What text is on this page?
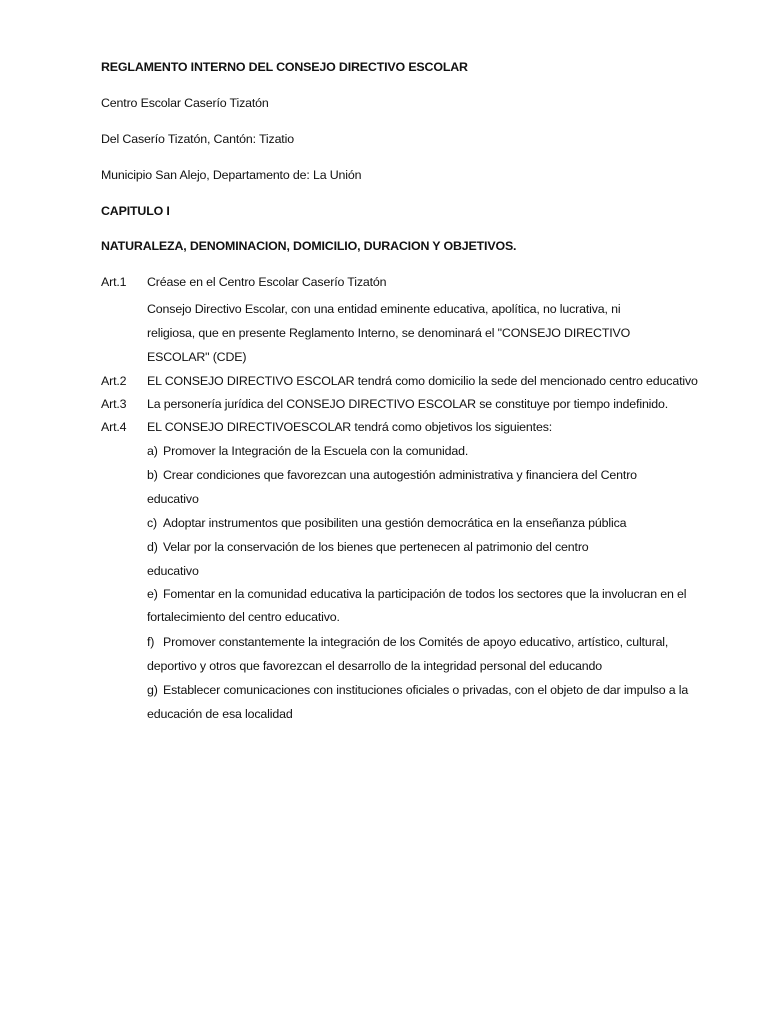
REGLAMENTO INTERNO DEL CONSEJO DIRECTIVO ESCOLAR
Centro Escolar Caserío Tizatón
Del Caserío Tizatón, Cantón: Tizatio
Municipio San Alejo, Departamento de: La Unión
CAPITULO I
NATURALEZA, DENOMINACION, DOMICILIO, DURACION Y OBJETIVOS.
Art.1 Créase en el Centro Escolar Caserío Tizatón
Consejo Directivo Escolar, con una entidad eminente educativa, apolítica, no lucrativa, ni
religiosa, que en presente Reglamento Interno, se denominará el "CONSEJO DIRECTIVO
ESCOLAR" (CDE)
Art.2 EL CONSEJO DIRECTIVO ESCOLAR tendrá como domicilio la sede del mencionado centro educativo
Art.3 La personería jurídica del CONSEJO DIRECTIVO ESCOLAR se constituye por tiempo indefinido.
Art.4 EL CONSEJO DIRECTIVOESCOLAR tendrá como objetivos los siguientes:
a) Promover la Integración de la Escuela con la comunidad.
b) Crear condiciones que favorezcan una autogestión administrativa y financiera del Centro
educativo
c) Adoptar instrumentos que posibiliten una gestión democrática en la enseñanza pública
d) Velar por la conservación de los bienes que pertenecen al patrimonio del centro
educativo
e) Fomentar en la comunidad educativa la participación de todos los sectores que la involucran en el
fortalecimiento del centro educativo.
f) Promover constantemente la integración de los Comités de apoyo educativo, artístico, cultural,
deportivo y otros que favorezcan el desarrollo de la integridad personal del educando
g) Establecer comunicaciones con instituciones oficiales o privadas, con el objeto de dar impulso a la
educación de esa localidad
